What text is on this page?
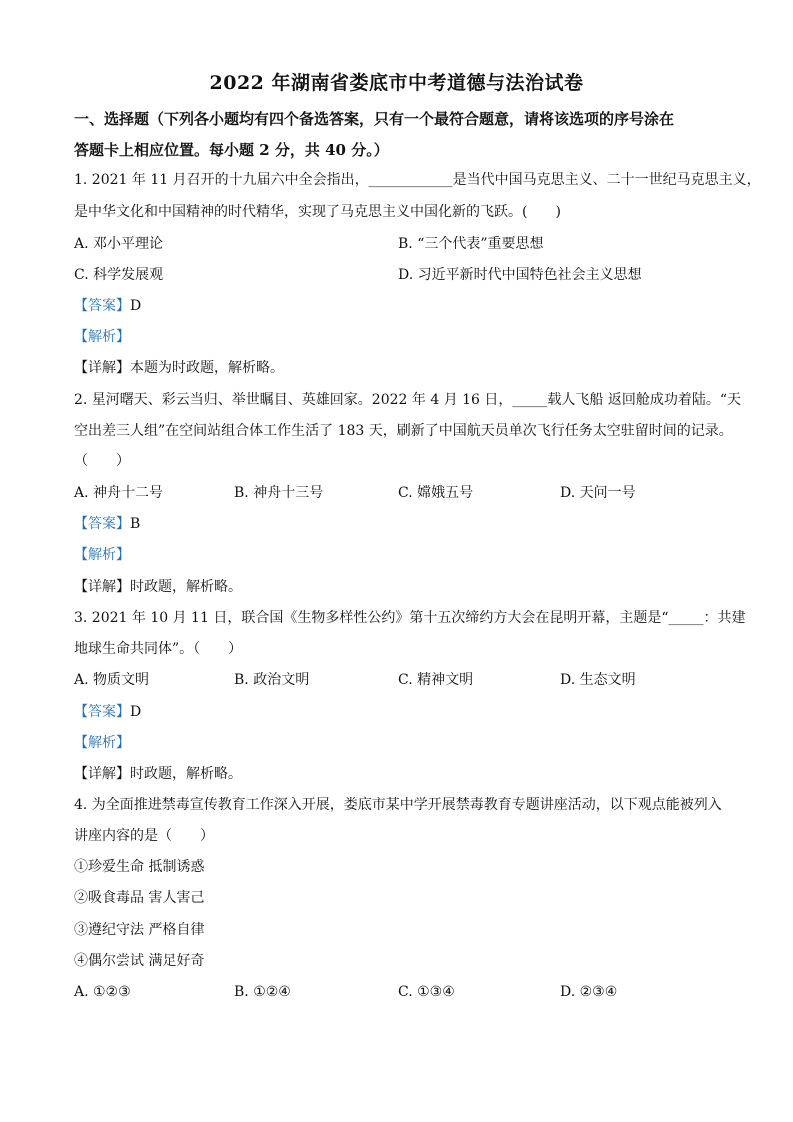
2022 年湖南省娄底市中考道德与法治试卷
一、选择题（下列各小题均有四个备选答案，只有一个最符合题意，请将该选项的序号涂在
答题卡上相应位置。每小题 2 分，共 40 分。）
1. 2021 年 11 月召开的十九届六中全会指出，____________是当代中国马克思主义、二十一世纪马克思主义，
是中华文化和中国精神的时代精华，实现了马克思主义中国化新的飞跃。(　　)
A. 邓小平理论	B. “三个代表”重要思想
C. 科学发展观	D. 习近平新时代中国特色社会主义思想
【答案】D
【解析】
【详解】本题为时政题，解析略。
2. 星河曙天、彩云当归、举世瞩目、英雄回家。2022 年 4 月 16 日，_____载人飞船 返回舱成功着陆。“天
空出差三人组”在空间站组合体工作生活了 183 天，刷新了中国航天员单次飞行任务太空驻留时间的记录。
（　　）
A. 神舟十二号	B. 神舟十三号	C. 嫦娥五号	D. 天问一号
【答案】B
【解析】
【详解】时政题，解析略。
3. 2021 年 10 月 11 日，联合国《生物多样性公约》第十五次缔约方大会在昆明开幕，主题是“_____：共建
地球生命共同体”。（　　）
A. 物质文明	B. 政治文明	C. 精神文明	D. 生态文明
【答案】D
【解析】
【详解】时政题，解析略。
4. 为全面推进禁毒宣传教育工作深入开展，娄底市某中学开展禁毒教育专题讲座活动，以下观点能被列入
讲座内容的是（　　）
①珍爱生命 抵制诱惑
②吸食毒品 害人害己
③遵纪守法 严格自律
④偶尔尝试 满足好奇
A. ①②③	B. ①②④	C. ①③④	D. ②③④
